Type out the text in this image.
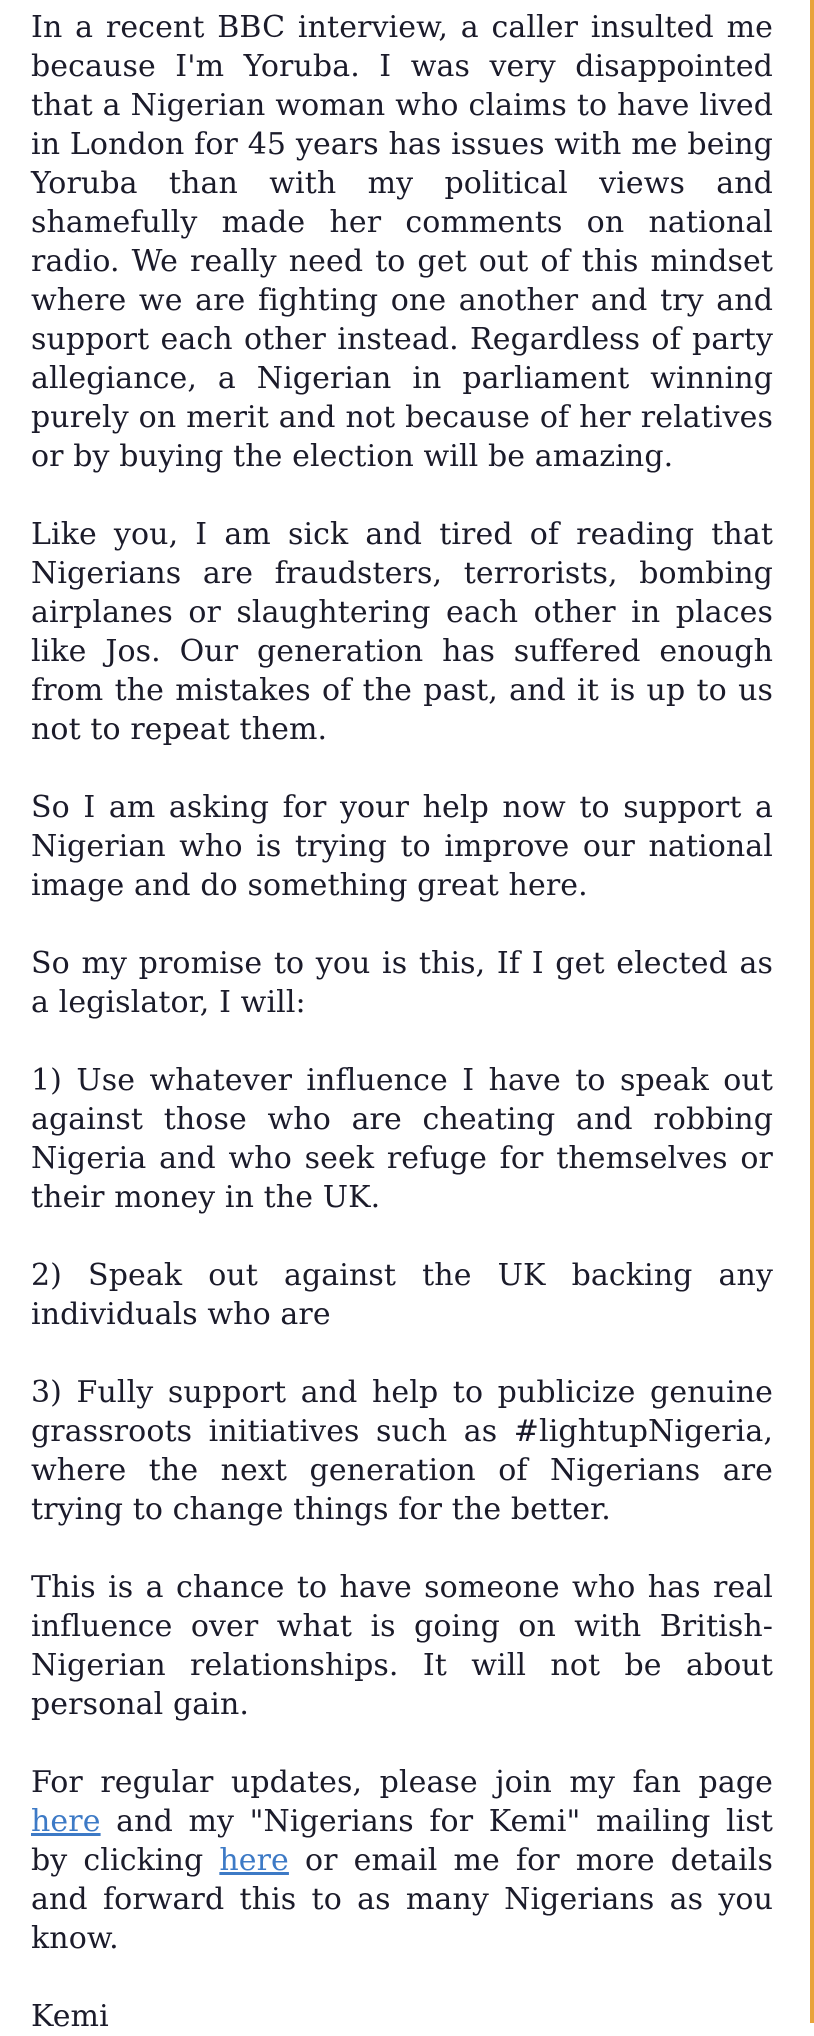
In a recent BBC interview, a caller insulted me because I'm Yoruba. I was very disappointed that a Nigerian woman who claims to have lived in London for 45 years has issues with me being Yoruba than with my political views and shamefully made her comments on national radio. We really need to get out of this mindset where we are fighting one another and try and support each other instead. Regardless of party allegiance, a Nigerian in parliament winning purely on merit and not because of her relatives or by buying the election will be amazing.

Like you, I am sick and tired of reading that Nigerians are fraudsters, terrorists, bombing airplanes or slaughtering each other in places like Jos. Our generation has suffered enough from the mistakes of the past, and it is up to us not to repeat them.

So I am asking for your help now to support a Nigerian who is trying to improve our national image and do something great here.

So my promise to you is this, If I get elected as a legislator, I will:

1) Use whatever influence I have to speak out against those who are cheating and robbing Nigeria and who seek refuge for themselves or their money in the UK.

2) Speak out against the UK backing any individuals who are

3) Fully support and help to publicize genuine grassroots initiatives such as #lightupNigeria, where the next generation of Nigerians are trying to change things for the better.

This is a chance to have someone who has real influence over what is going on with British-Nigerian relationships. It will not be about personal gain.

For regular updates, please join my fan page here and my "Nigerians for Kemi" mailing list by clicking here or email me for more details and forward this to as many Nigerians as you know.

Kemi
